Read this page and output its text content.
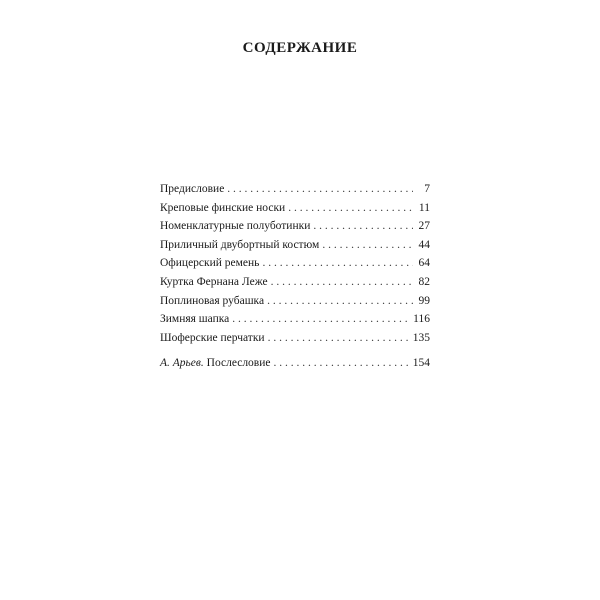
СОДЕРЖАНИЕ
Предисловие . . .	7
Креповые финские носки . . .	11
Номенклатурные полуботинки . . .	27
Приличный двубортный костюм . . .	44
Офицерский ремень . . .	64
Куртка Фернана Леже . . .	82
Поплиновая рубашка . . .	99
Зимняя шапка . . .	116
Шоферские перчатки . . .	135
А. Арьев. Послесловие . . .	154
